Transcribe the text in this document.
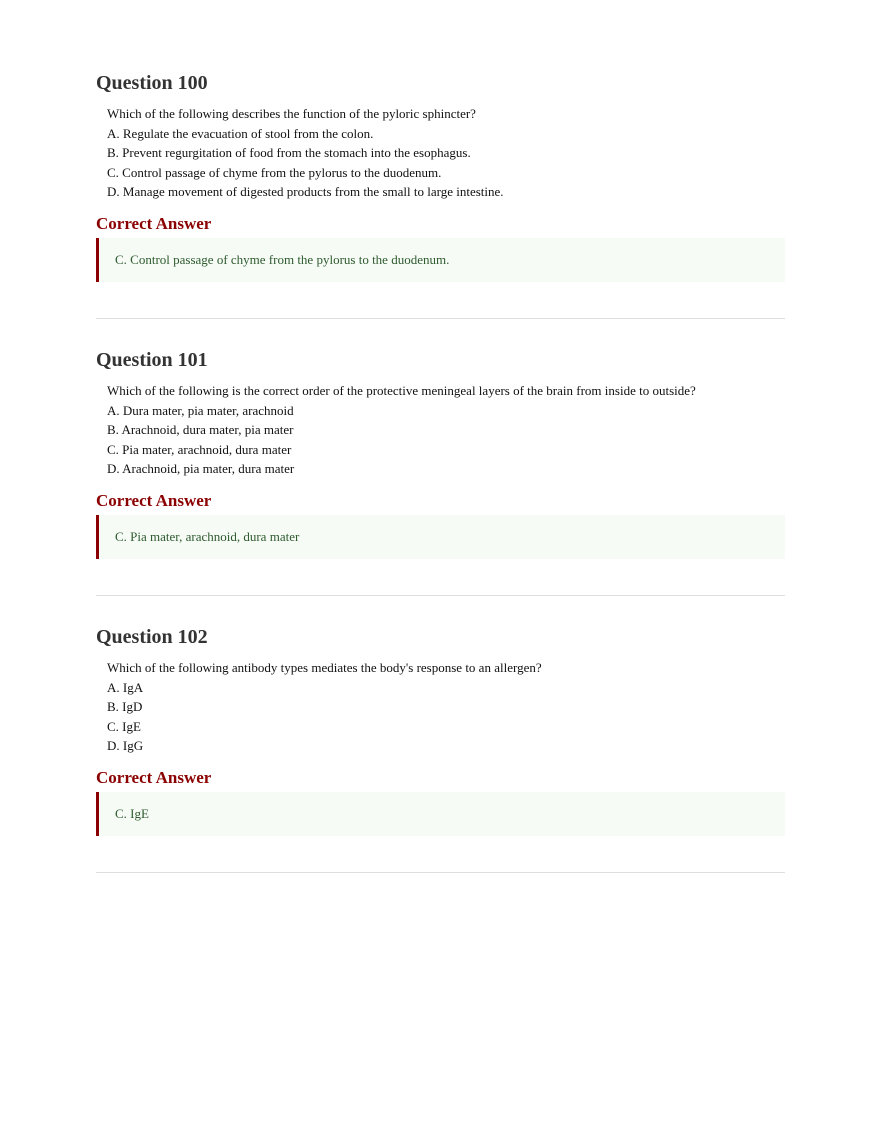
Question 100
Which of the following describes the function of the pyloric sphincter?
A. Regulate the evacuation of stool from the colon.
B. Prevent regurgitation of food from the stomach into the esophagus.
C. Control passage of chyme from the pylorus to the duodenum.
D. Manage movement of digested products from the small to large intestine.
Correct Answer
C. Control passage of chyme from the pylorus to the duodenum.
Question 101
Which of the following is the correct order of the protective meningeal layers of the brain from inside to outside?
A. Dura mater, pia mater, arachnoid
B. Arachnoid, dura mater, pia mater
C. Pia mater, arachnoid, dura mater
D. Arachnoid, pia mater, dura mater
Correct Answer
C. Pia mater, arachnoid, dura mater
Question 102
Which of the following antibody types mediates the body's response to an allergen?
A. IgA
B. IgD
C. IgE
D. IgG
Correct Answer
C. IgE
